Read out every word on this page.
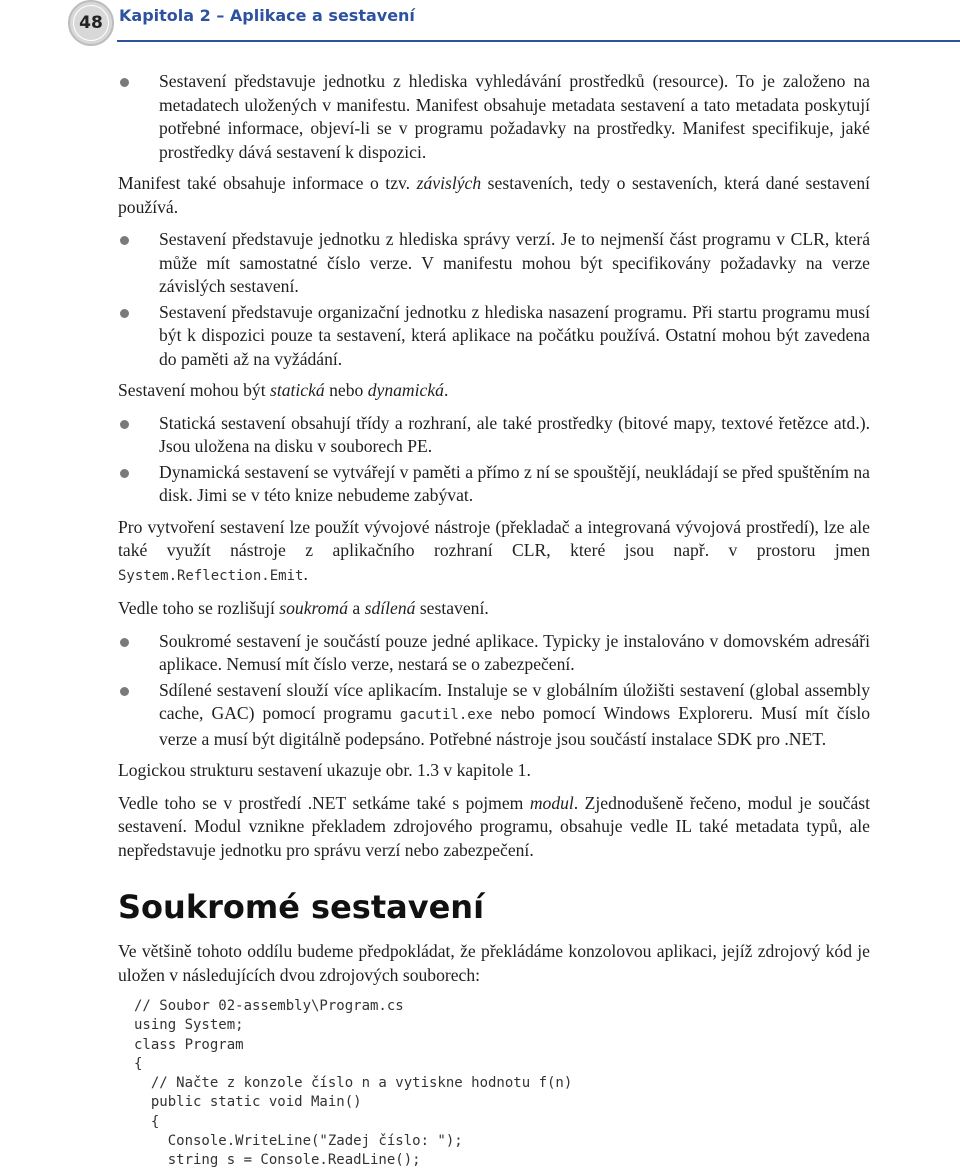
48 Kapitola 2 – Aplikace a sestavení
Sestavení představuje jednotku z hlediska vyhledávání prostředků (resource). To je založeno na metadatech uložených v manifestu. Manifest obsahuje metadata sestavení a tato metadata poskytují potřebné informace, objeví-li se v programu požadavky na prostředky. Manifest specifikuje, jaké prostředky dává sestavení k dispozici.

Manifest také obsahuje informace o tzv. závislých sestaveních, tedy o sestaveních, která dané sestavení používá.

Sestavení představuje jednotku z hlediska správy verzí. Je to nejmenší část programu v CLR, která může mít samostatné číslo verze. V manifestu mohou být specifikovány požadavky na verze závislých sestavení.
Sestavení představuje organizační jednotku z hlediska nasazení programu. Při startu programu musí být k dispozici pouze ta sestavení, která aplikace na počátku používá. Ostatní mohou být zavedena do paměti až na vyžádání.

Sestavení mohou být statická nebo dynamická.

Statická sestavení obsahují třídy a rozhraní, ale také prostředky (bitové mapy, textové řetězce atd.). Jsou uložena na disku v souborech PE.
Dynamická sestavení se vytvářejí v paměti a přímo z ní se spouštějí, neukládají se před spuštěním na disk. Jimi se v této knize nebudeme zabývat.

Pro vytvoření sestavení lze použít vývojové nástroje (překladač a integrovaná vývojová prostředí), lze ale také využít nástroje z aplikačního rozhraní CLR, které jsou např. v prostoru jmen System.Reflection.Emit.

Vedle toho se rozlišují soukromá a sdílená sestavení.

Soukromé sestavení je součástí pouze jedné aplikace. Typicky je instalováno v domovském adresáři aplikace. Nemusí mít číslo verze, nestará se o zabezpečení.
Sdílené sestavení slouží více aplikacím. Instaluje se v globálním úložišti sestavení (global assembly cache, GAC) pomocí programu gacutil.exe nebo pomocí Windows Exploreru. Musí mít číslo verze a musí být digitálně podepsáno. Potřebné nástroje jsou součástí instalace SDK pro .NET.

Logickou strukturu sestavení ukazuje obr. 1.3 v kapitole 1.

Vedle toho se v prostředí .NET setkáme také s pojmem modul. Zjednodušeně řečeno, modul je součást sestavení. Modul vznikne překladem zdrojového programu, obsahuje vedle IL také metadata typů, ale nepředstavuje jednotku pro správu verzí nebo zabezpečení.

Soukromé sestavení

Ve většině tohoto oddílu budeme předpokládat, že překládáme konzolovou aplikaci, jejíž zdrojový kód je uložen v následujících dvou zdrojových souborech:

// Soubor 02-assembly\Program.cs
using System;
class Program
{
// Načte z konzole číslo n a vytiskne hodnotu f(n)
public static void Main()
{
Console.WriteLine("Zadej číslo: ");
string s = Console.ReadLine();
